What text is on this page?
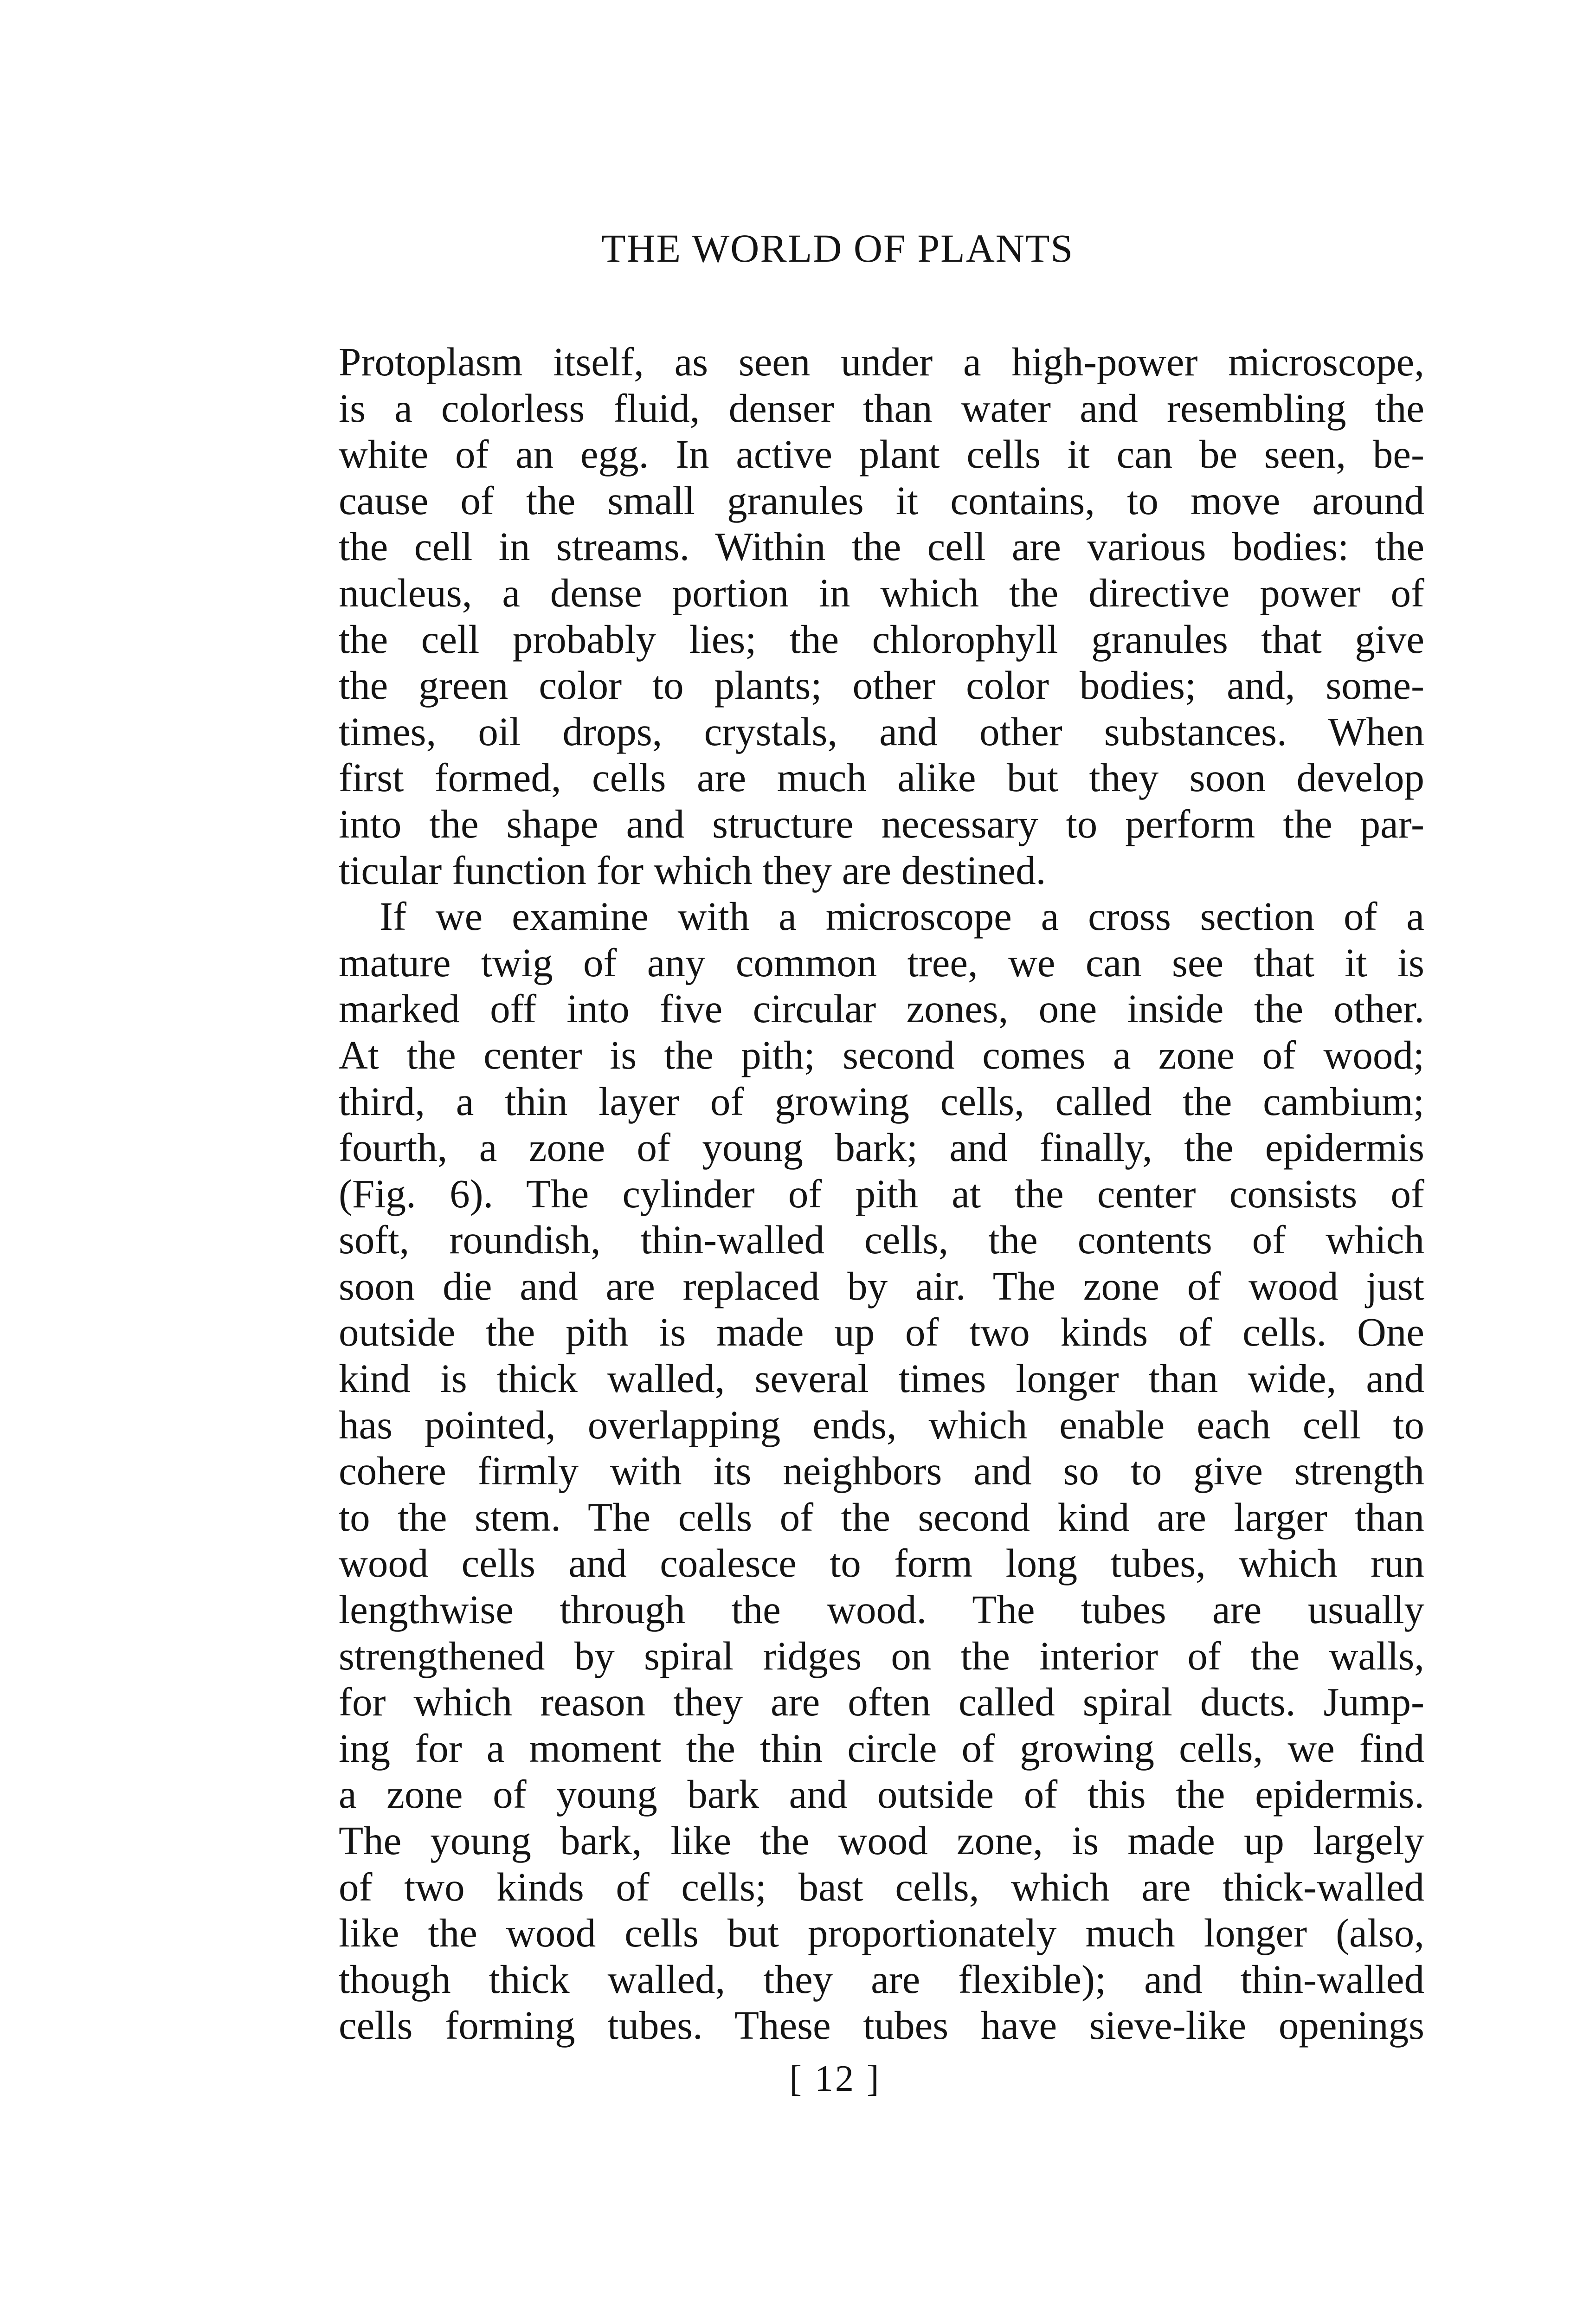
THE WORLD OF PLANTS
Protoplasm itself, as seen under a high-power microscope,
is a colorless fluid, denser than water and resembling the
white of an egg. In active plant cells it can be seen, be-
cause of the small granules it contains, to move around
the cell in streams. Within the cell are various bodies: the
nucleus, a dense portion in which the directive power of
the cell probably lies; the chlorophyll granules that give
the green color to plants; other color bodies; and, some-
times, oil drops, crystals, and other substances. When
first formed, cells are much alike but they soon develop
into the shape and structure necessary to perform the par-
ticular function for which they are destined.
If we examine with a microscope a cross section of a
mature twig of any common tree, we can see that it is
marked off into five circular zones, one inside the other.
At the center is the pith; second comes a zone of wood;
third, a thin layer of growing cells, called the cambium;
fourth, a zone of young bark; and finally, the epidermis
(Fig. 6). The cylinder of pith at the center consists of
soft, roundish, thin-walled cells, the contents of which
soon die and are replaced by air. The zone of wood just
outside the pith is made up of two kinds of cells. One
kind is thick walled, several times longer than wide, and
has pointed, overlapping ends, which enable each cell to
cohere firmly with its neighbors and so to give strength
to the stem. The cells of the second kind are larger than
wood cells and coalesce to form long tubes, which run
lengthwise through the wood. The tubes are usually
strengthened by spiral ridges on the interior of the walls,
for which reason they are often called spiral ducts. Jump-
ing for a moment the thin circle of growing cells, we find
a zone of young bark and outside of this the epidermis.
The young bark, like the wood zone, is made up largely
of two kinds of cells; bast cells, which are thick-walled
like the wood cells but proportionately much longer (also,
though thick walled, they are flexible); and thin-walled
cells forming tubes. These tubes have sieve-like openings
[ 12 ]
